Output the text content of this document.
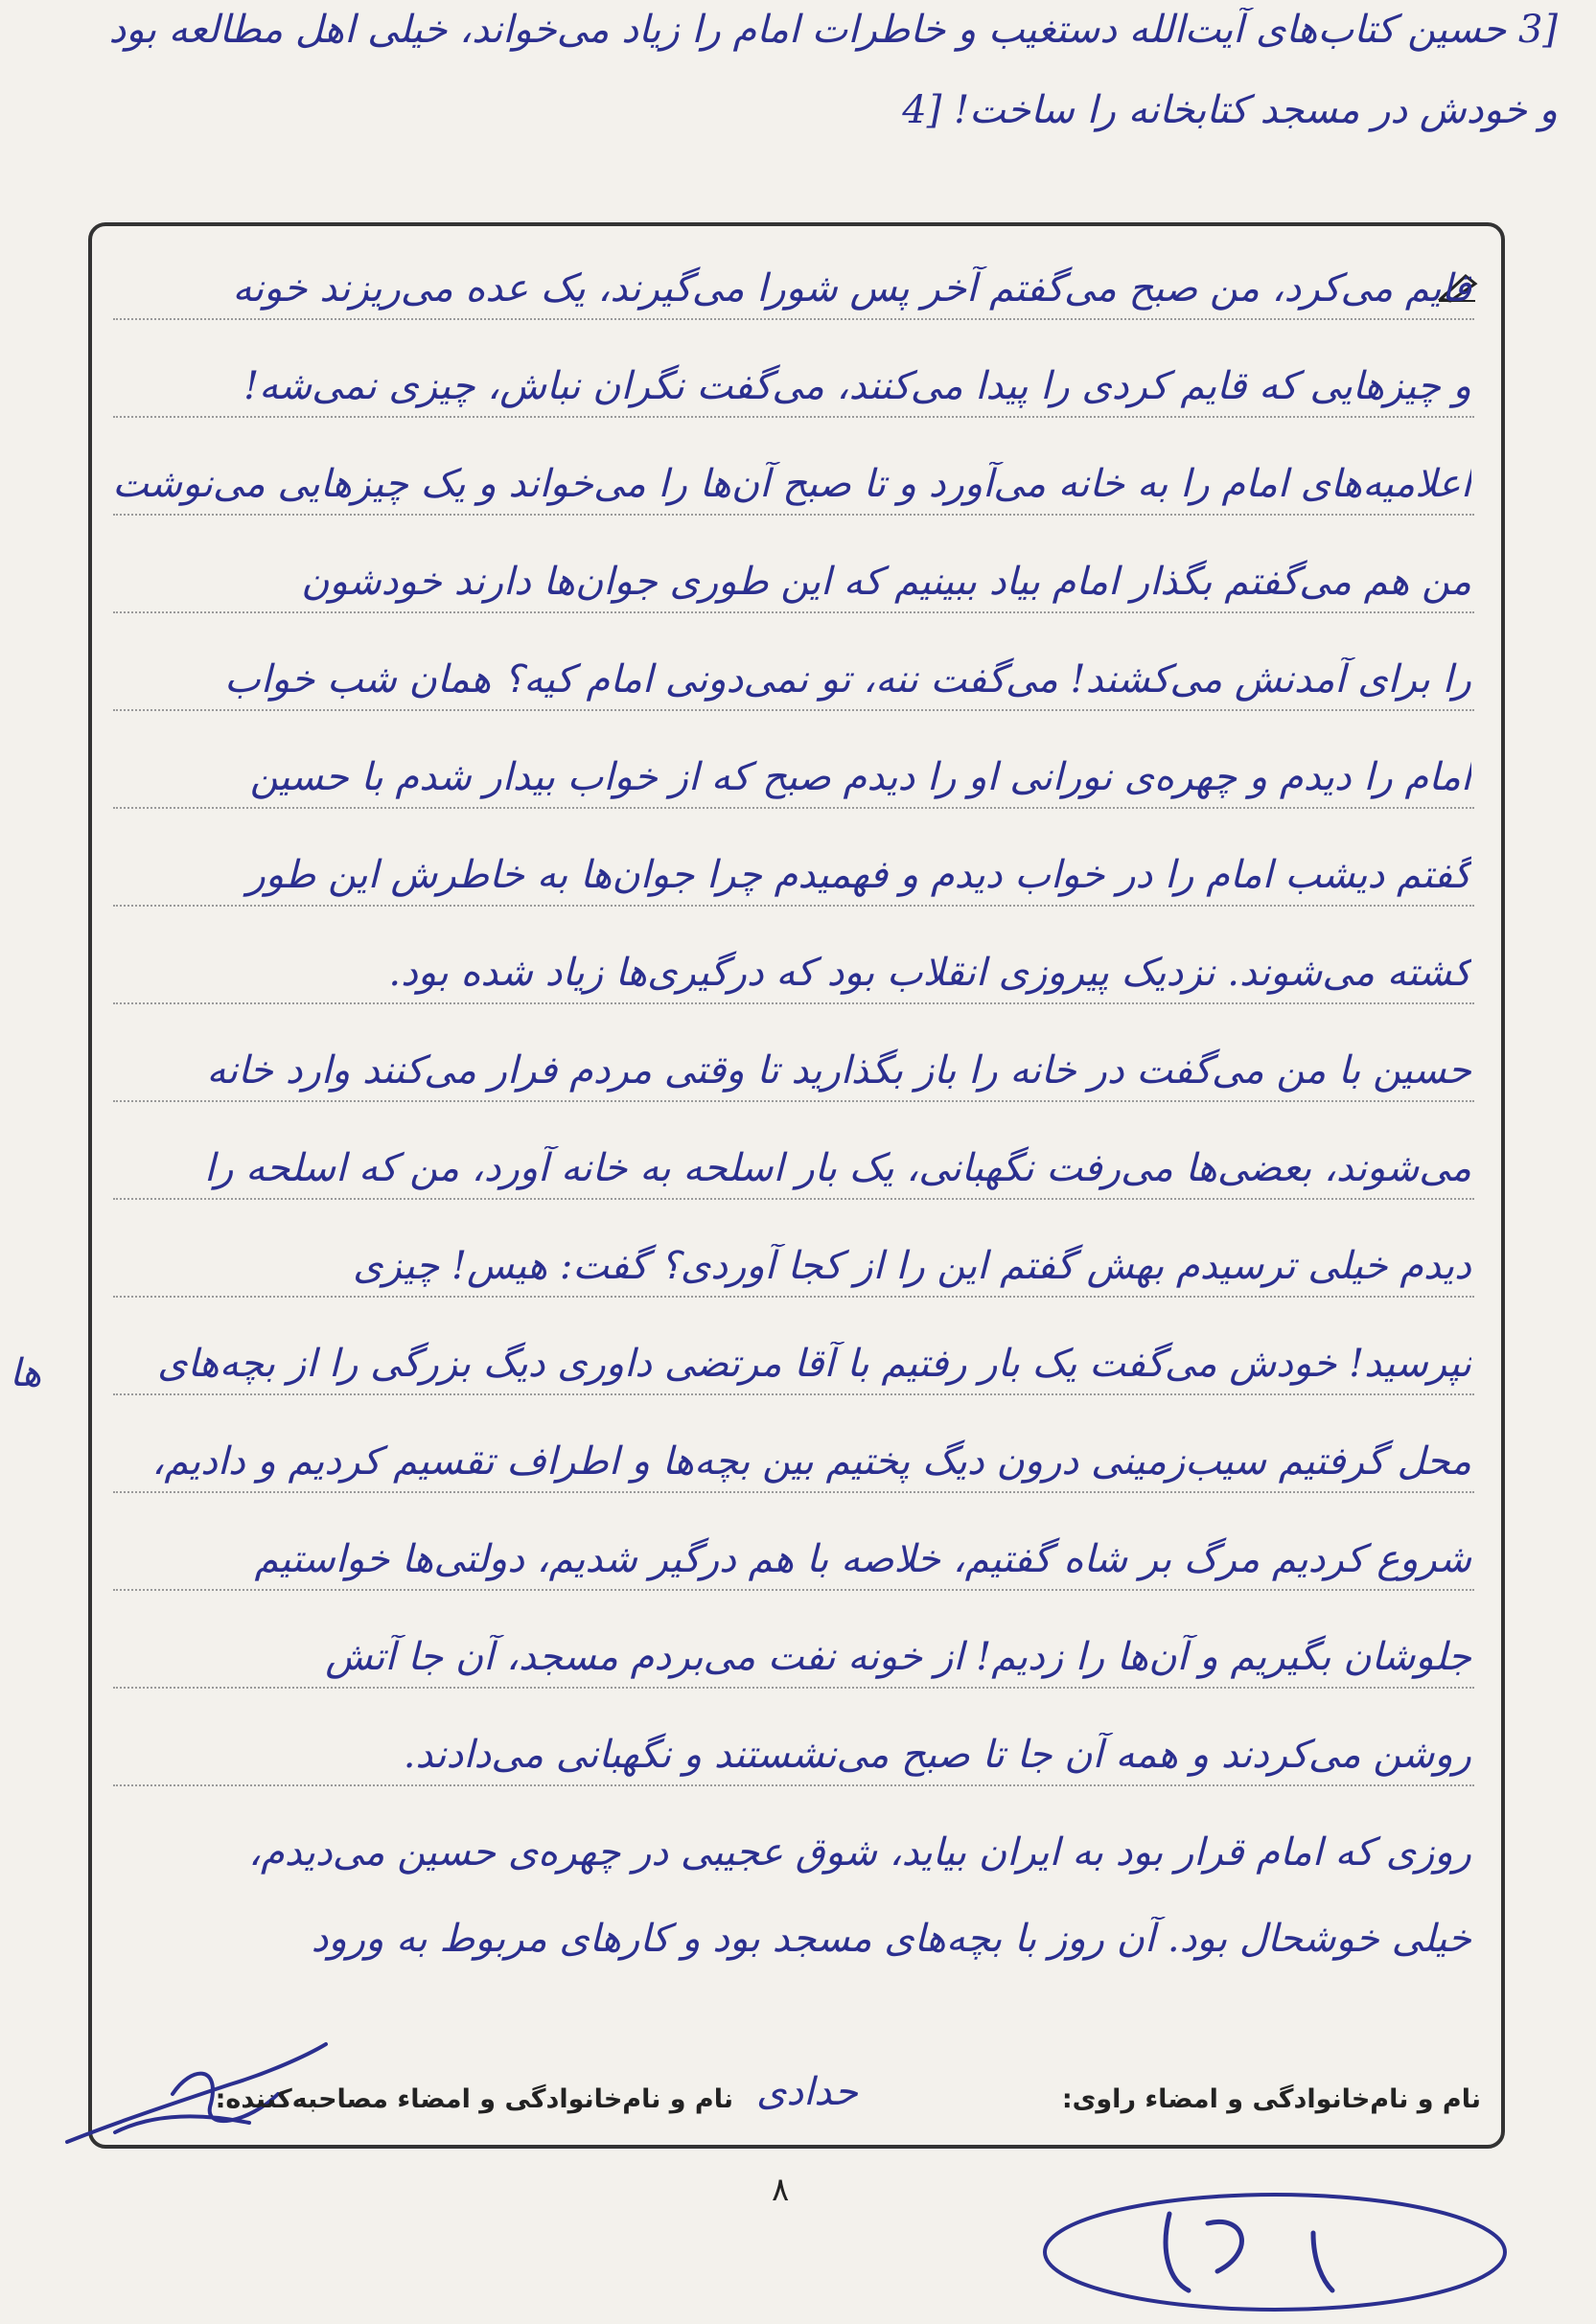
[3 حسین کتاب‌های آیت‌الله دستغیب و خاطرات امام را زیاد می‌خواند، خیلی اهل مطالعه بود
و خودش در مسجد کتابخانه را ساخت! [4
قایم می‌کرد، من صبح می‌گفتم آخر پس شورا می‌گیرند، یک عده می‌ریزند خونه
و چیزهایی که قایم کردی را پیدا می‌کنند، می‌گفت نگران نباش، چیزی نمی‌شه!
اعلامیه‌های امام را به خانه می‌آورد و تا صبح آن‌ها را می‌خواند و یک چیزهایی می‌نوشت
من هم می‌گفتم بگذار امام بیاد ببینیم که این طوری جوان‌ها دارند خودشون
را برای آمدنش می‌کشند! می‌گفت ننه، تو نمی‌دونی امام کیه؟ همان شب خواب
امام را دیدم و چهره‌ی نورانی او را دیدم صبح که از خواب بیدار شدم با حسین
گفتم دیشب امام را در خواب دیدم و فهمیدم چرا جوان‌ها به خاطرش این طور
کشته می‌شوند. نزدیک پیروزی انقلاب بود که درگیری‌ها زیاد شده بود.
حسین با من می‌گفت در خانه را باز بگذارید تا وقتی مردم فرار می‌کنند وارد خانه
می‌شوند، بعضی‌ها می‌رفت نگهبانی، یک بار اسلحه به خانه آورد، من که اسلحه را
دیدم خیلی ترسیدم بهش گفتم این را از کجا آوردی؟ گفت: هیس! چیزی
نپرسید! خودش می‌گفت یک بار رفتیم با آقا مرتضی داوری دیگ بزرگی را از بچه‌های
محل گرفتیم سیب‌زمینی درون دیگ پختیم بین بچه‌ها و اطراف تقسیم کردیم و دادیم،
شروع کردیم مرگ بر شاه گفتیم، خلاصه با هم درگیر شدیم، دولتی‌ها خواستیم
جلوشان بگیریم و آن‌ها را زدیم! از خونه نفت می‌بردم مسجد، آن جا آتش
روشن می‌کردند و همه آن جا تا صبح می‌نشستند و نگهبانی می‌دادند.
روزی که امام قرار بود به ایران بیاید، شوق عجیبی در چهره‌ی حسین می‌دیدم،
خیلی خوشحال بود. آن روز با بچه‌های مسجد بود و کارهای مربوط به ورود
ها
نام و نام‌خانوادگی و امضاء راوی:
حدادی
نام و نام‌خانوادگی و امضاء مصاحبه‌کننده:
٨
